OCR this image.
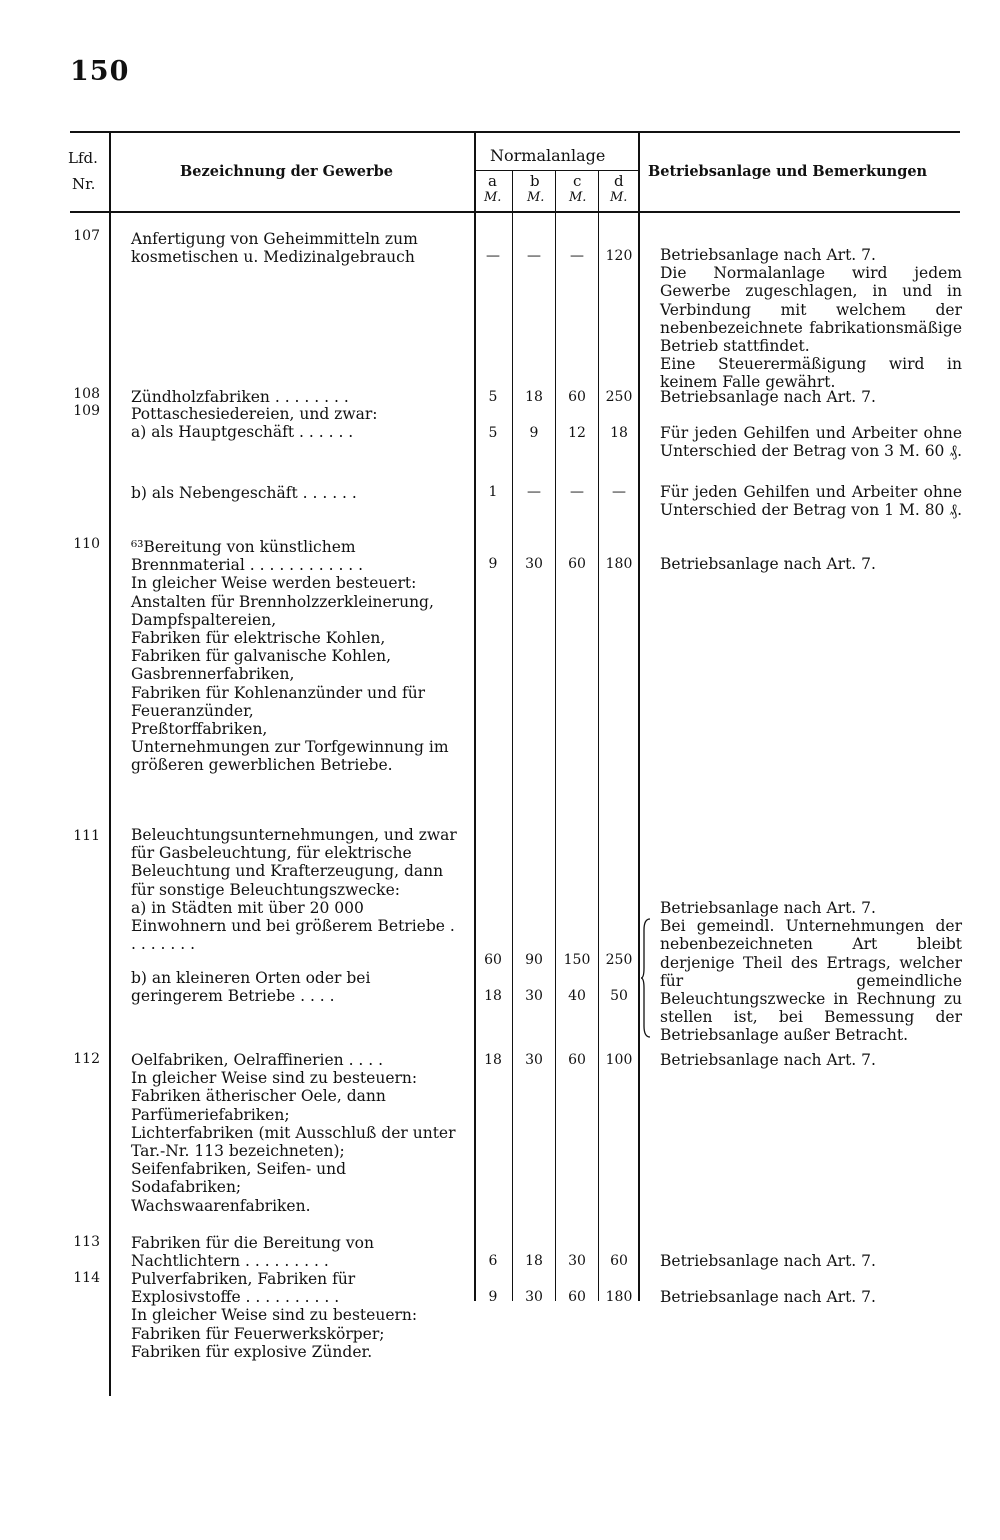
150
Lfd.
Nr.
Bezeichnung der Gewerbe
Normalanlage
a b c d
M. M. M. M.
Betriebsanlage und Bemerkungen
107 Anfertigung von Geheimmitteln zum
kosmetischen u. Medizinalgebrauch	—	—	—	120 Betriebsanlage nach Art. 7.
Die Normalanlage wird jedem Gewerbe zugeschlagen, in und in Verbindung mit welchem der nebenbezeichnete fabrikationsmäßige Betrieb stattfindet.
Eine Steuerermäßigung wird in keinem Falle gewährt.
108 Zündholzfabriken . . . . . . . .	5	18	60	250 Betriebsanlage nach Art. 7.
109 Pottaschesiedereien, und zwar:
a) als Hauptgeschäft . . . . . .	5	9	12	18	Für jeden Gehilfen und Arbeiter ohne Unterschied der Betrag von 3 M. 60 ₰.
b) als Nebengeschäft . . . . . .	1	—	—	—	Für jeden Gehilfen und Arbeiter ohne Unterschied der Betrag von 1 M. 80 ₰.
110 ⁶³Bereitung von künstlichem Brennmaterial . . . . . . . . . . . .
In gleicher Weise werden besteuert:
Anstalten für Brennholzzerkleinerung,
Dampfspaltereien,
Fabriken für elektrische Kohlen,
Fabriken für galvanische Kohlen,
Gasbrennerfabriken,
Fabriken für Kohlenanzünder und für Feueranzünder,
Preßtorffabriken,
Unternehmungen zur Torfgewinnung im größeren gewerblichen Betriebe.
9	30	60	180 Betriebsanlage nach Art. 7.
111 Beleuchtungsunternehmungen, und zwar für Gasbeleuchtung, für elektrische Beleuchtung und Krafterzeugung, dann für sonstige Beleuchtungszwecke:
a) in Städten mit über 20 000 Einwohnern und bei größerem Betriebe . . . . . . . .
60	90	150	250
Betriebsanlage nach Art. 7.
Bei gemeindl. Unternehmungen der nebenbezeichneten Art bleibt derjenige Theil des Ertrags, welcher für gemeindliche Beleuchtungszwecke in Rechnung zu stellen ist, bei Bemessung der Betriebsanlage außer Betracht.
b) an kleineren Orten oder bei geringerem Betriebe . . . .	18	30	40	50
112 Oelfabriken, Oelraffinerien . . . .
In gleicher Weise sind zu besteuern:
Fabriken ätherischer Oele, dann Parfümeriefabriken;
Lichterfabriken (mit Ausschluß der unter Tar.-Nr. 113 bezeichneten);
Seifenfabriken, Seifen- und Sodafabriken;
Wachswaarenfabriken.
18	30	60	100 Betriebsanlage nach Art. 7.
113 Fabriken für die Bereitung von Nachtlichtern . . . . . . . . .	6	18	30	60	Betriebsanlage nach Art. 7.
114 Pulverfabriken, Fabriken für Explosivstoffe . . . . . . . . . .
In gleicher Weise sind zu besteuern:
Fabriken für Feuerwerkskörper;
Fabriken für explosive Zünder.
9	30	60	180 Betriebsanlage nach Art. 7.
